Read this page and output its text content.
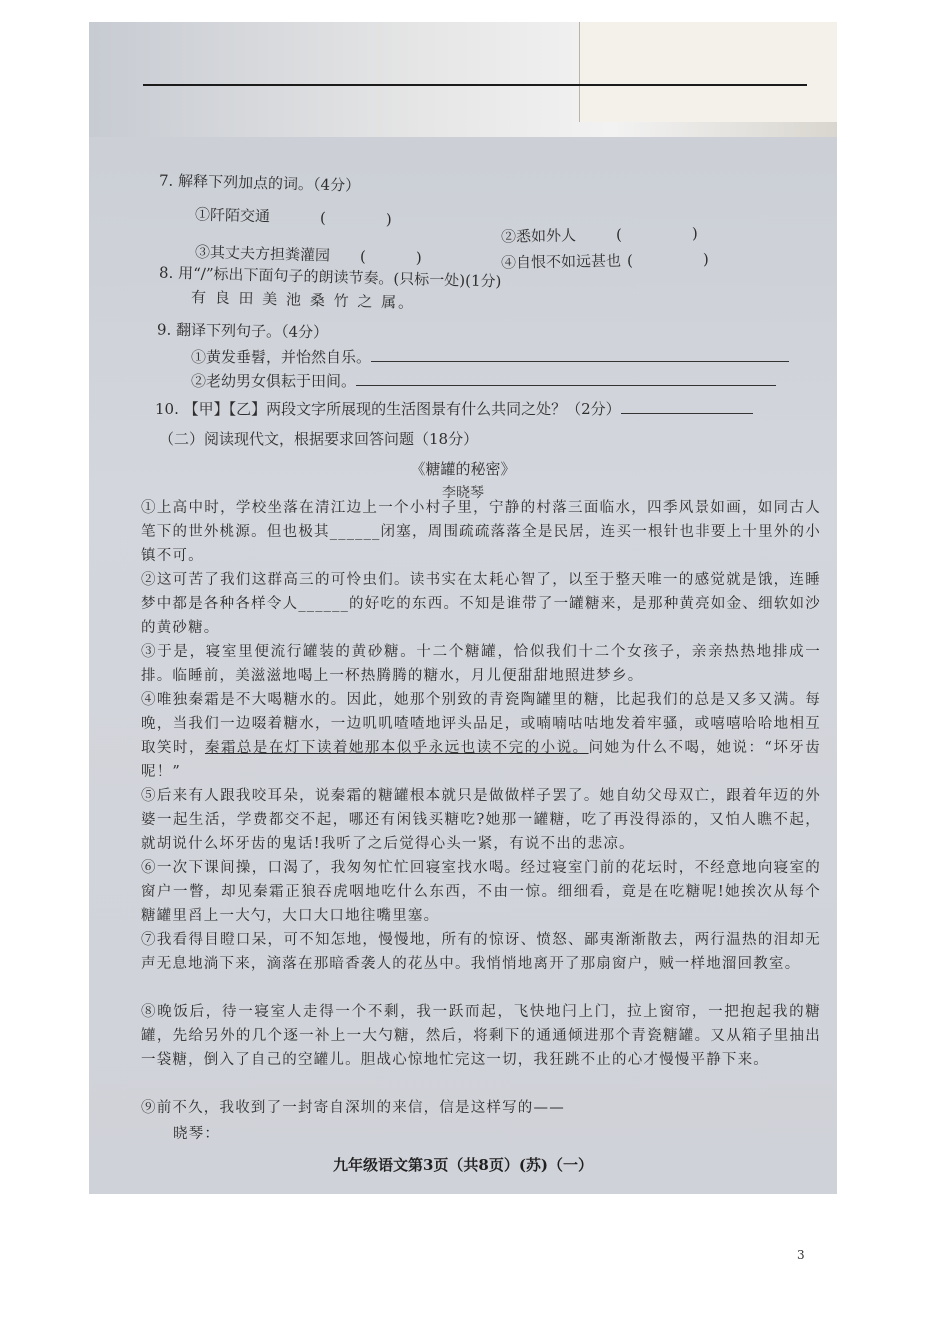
7. 解释下列加点的词。（4分）
①阡陌交通	(	)
②悉如外人	(	)
③其丈夫方担粪灌园 (	)	④自恨不如远甚也 (	)
8. 用“/”标出下面句子的朗读节奏。(只标一处)(1分)
有 良 田 美 池 桑 竹 之 属。
9. 翻译下列句子。（4分）
①黄发垂髫，并怡然自乐。
②老幼男女俱耘于田间。
10. 【甲】【乙】两段文字所展现的生活图景有什么共同之处？（2分）
（二）阅读现代文，根据要求回答问题（18分）
《糖罐的秘密》
李晓琴
①上高中时，学校坐落在清江边上一个小村子里，宁静的村落三面临水，四季风景如画，如同古人笔下的世外桃源。但也极其______闭塞，周围疏疏落落全是民居，连买一根针也非要上十里外的小镇不可。
②这可苦了我们这群高三的可怜虫们。读书实在太耗心智了，以至于整天唯一的感觉就是饿，连睡梦中都是各种各样令人______的好吃的东西。不知是谁带了一罐糖来，是那种黄亮如金、细软如沙的黄砂糖。
③于是，寝室里便流行罐装的黄砂糖。十二个糖罐，恰似我们十二个女孩子，亲亲热热地排成一排。临睡前，美滋滋地喝上一杯热腾腾的糖水，月儿便甜甜地照进梦乡。
④唯独秦霜是不大喝糖水的。因此，她那个别致的青瓷陶罐里的糖，比起我们的总是又多又满。每晚，当我们一边啜着糖水，一边叽叽喳喳地评头品足，或喃喃咕咕地发着牢骚，或嘻嘻哈哈地相互取笑时，秦霜总是在灯下读着她那本似乎永远也读不完的小说。问她为什么不喝，她说：“坏牙齿呢！”
⑤后来有人跟我咬耳朵，说秦霜的糖罐根本就只是做做样子罢了。她自幼父母双亡，跟着年迈的外婆一起生活，学费都交不起，哪还有闲钱买糖吃?她那一罐糖，吃了再没得添的，又怕人瞧不起，就胡说什么坏牙齿的鬼话!我听了之后觉得心头一紧，有说不出的悲凉。
⑥一次下课间操，口渴了，我匆匆忙忙回寝室找水喝。经过寝室门前的花坛时，不经意地向寝室的窗户一瞥，却见秦霜正狼吞虎咽地吃什么东西，不由一惊。细细看，竟是在吃糖呢!她挨次从每个糖罐里舀上一大勺，大口大口地往嘴里塞。
⑦我看得目瞪口呆，可不知怎地，慢慢地，所有的惊讶、愤怒、鄙夷渐渐散去，两行温热的泪却无声无息地淌下来，滴落在那暗香袭人的花丛中。我悄悄地离开了那扇窗户，贼一样地溜回教室。
⑧晚饭后，待一寝室人走得一个不剩，我一跃而起，飞快地闩上门，拉上窗帘，一把抱起我的糖罐，先给另外的几个逐一补上一大勺糖，然后，将剩下的通通倾进那个青瓷糖罐。又从箱子里抽出一袋糖，倒入了自己的空罐儿。胆战心惊地忙完这一切，我狂跳不止的心才慢慢平静下来。
⑨前不久，我收到了一封寄自深圳的来信，信是这样写的——
晓琴：
九年级语文第3页（共8页）(苏)（一）
3
